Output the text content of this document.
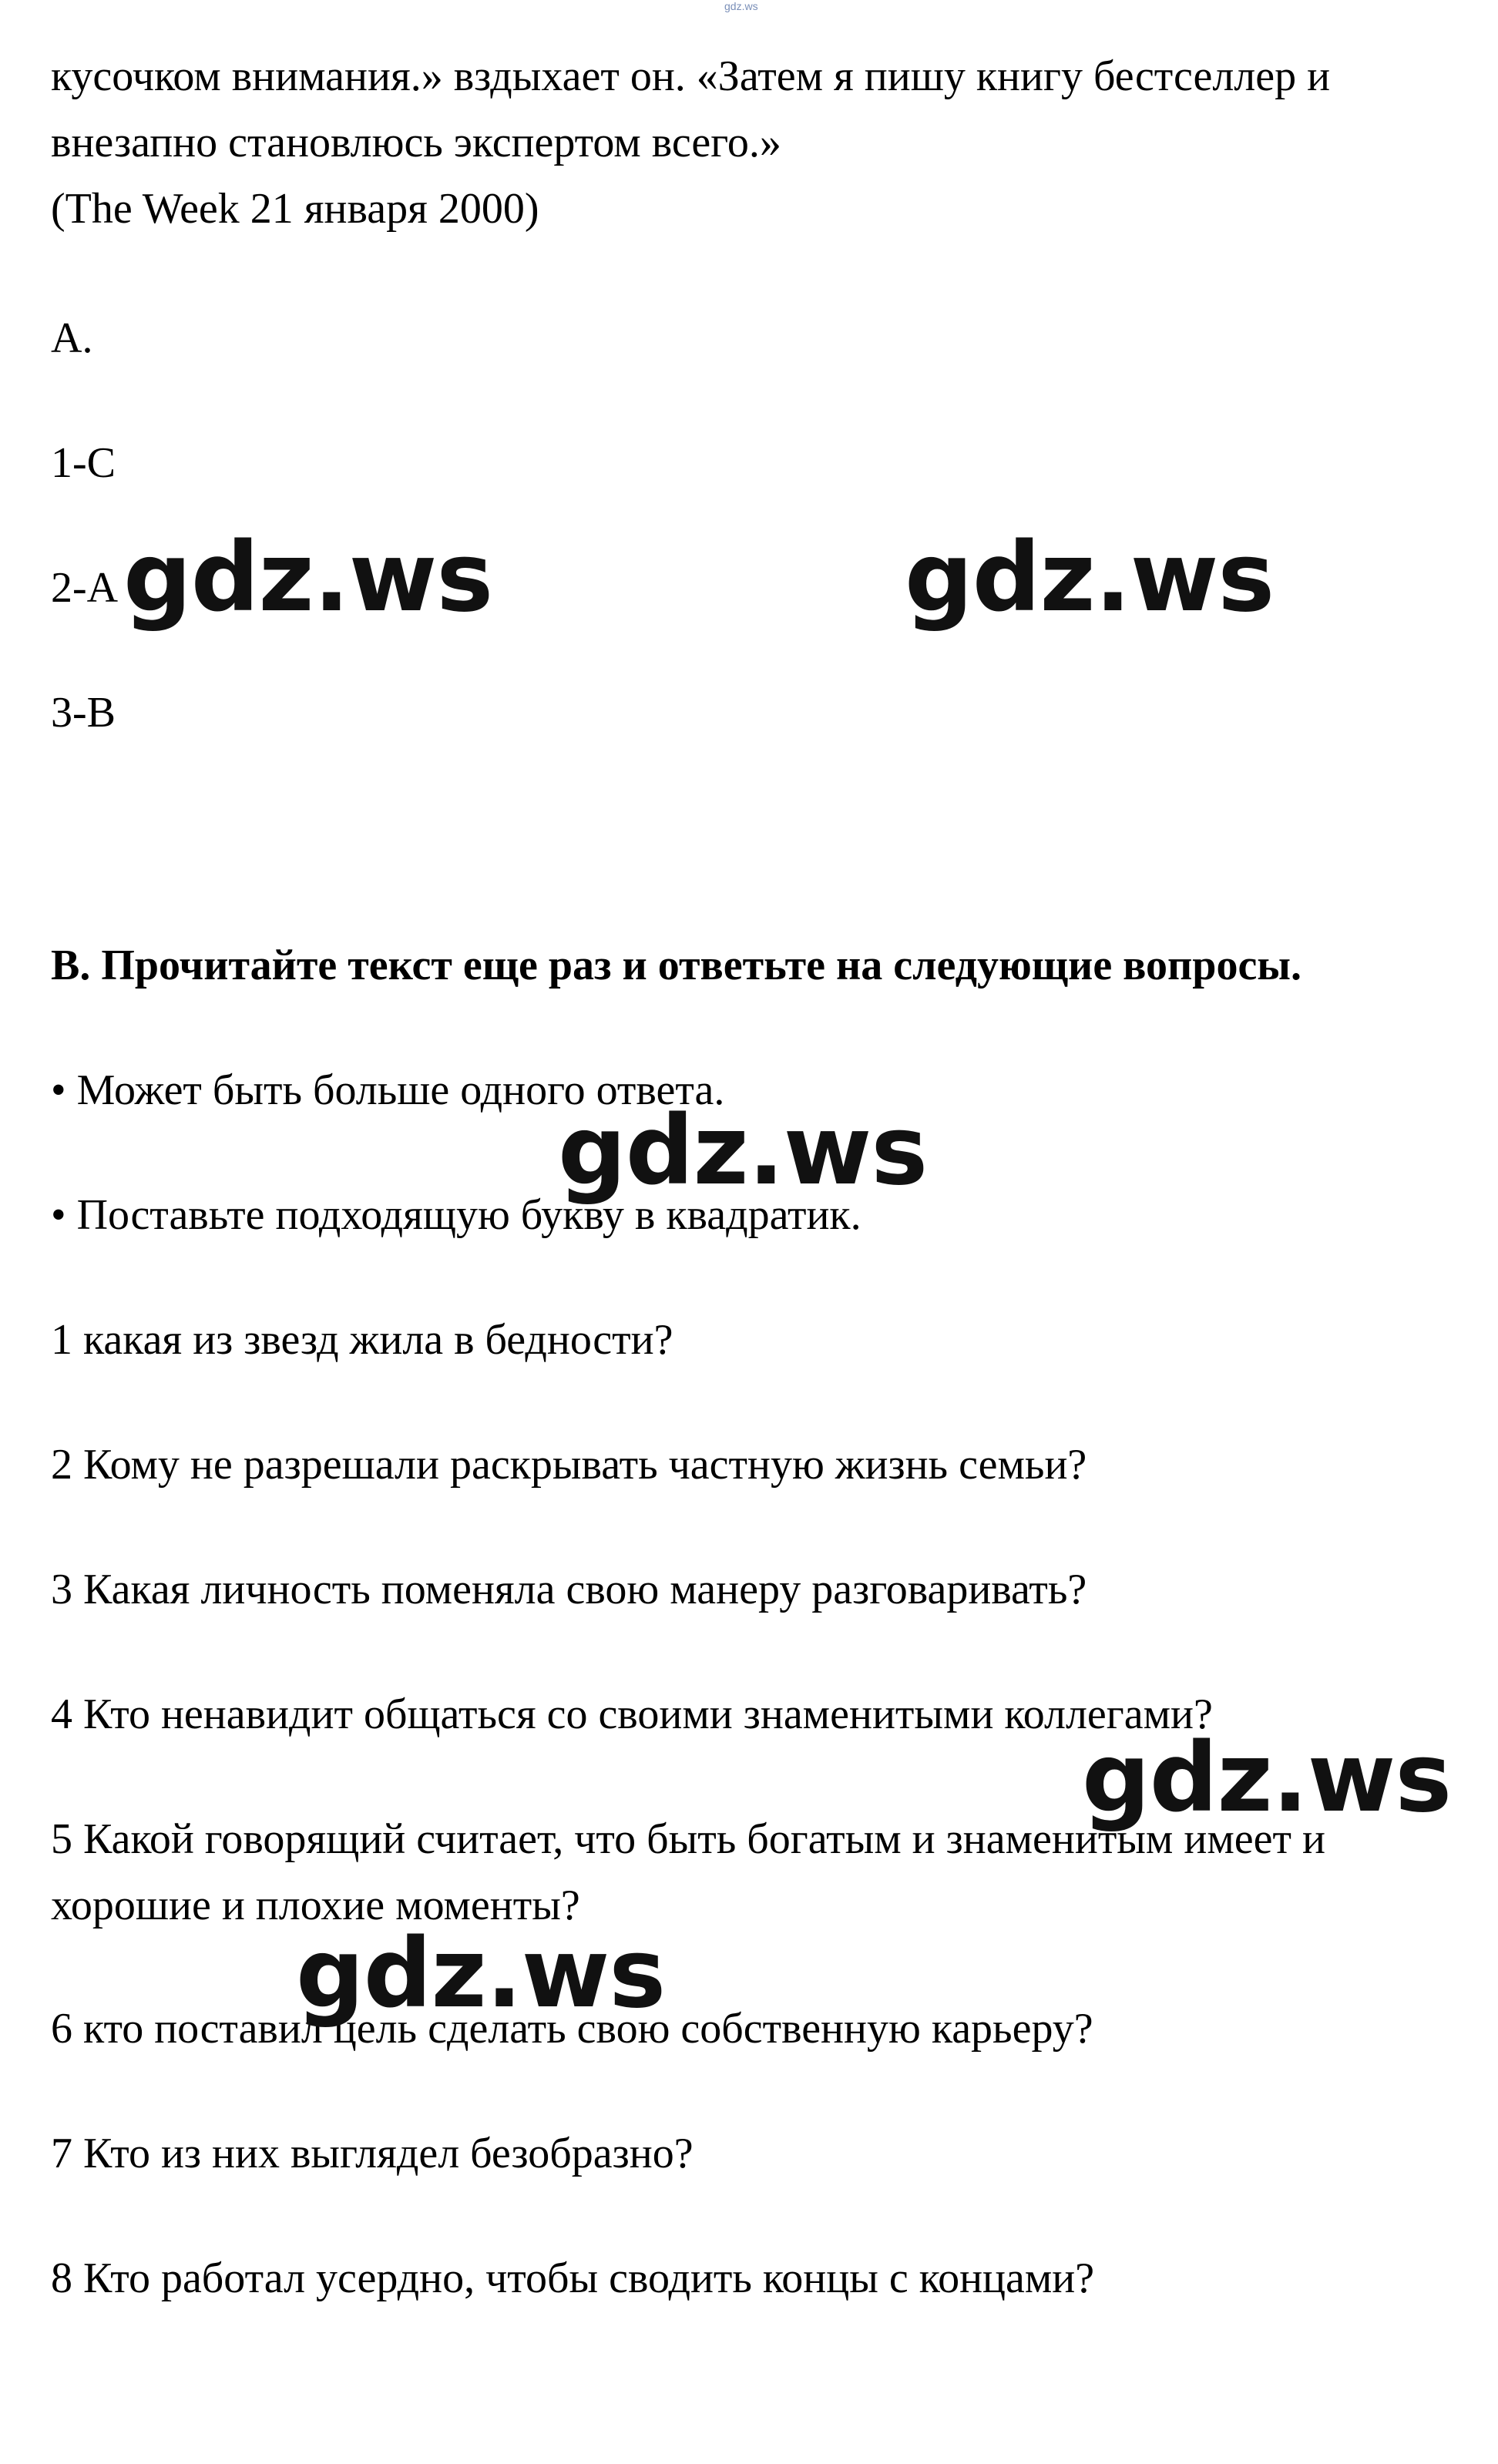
gdz.ws
кусочком внимания.» вздыхает он. «Затем я пишу книгу бестселлер и
внезапно становлюсь экспертом всего.»
(The Week 21 января 2000)
A.
1-C
2-A
3-B
B. Прочитайте текст еще раз и ответьте на следующие вопросы.
• Может быть больше одного ответа.
• Поставьте подходящую букву в квадратик.
1 какая из звезд жила в бедности?
2 Кому не разрешали раскрывать частную жизнь семьи?
3 Какая личность поменяла свою манеру разговаривать?
4 Кто ненавидит общаться со своими знаменитыми коллегами?
5 Какой говорящий считает, что быть богатым и знаменитым имеет и
хорошие и плохие моменты?
6 кто поставил цель сделать свою собственную карьеру?
7 Кто из них выглядел безобразно?
8 Кто работал усердно, чтобы сводить концы с концами?
gdz.ws	gdz.ws
gdz.ws
gdz.ws
gdz.ws
